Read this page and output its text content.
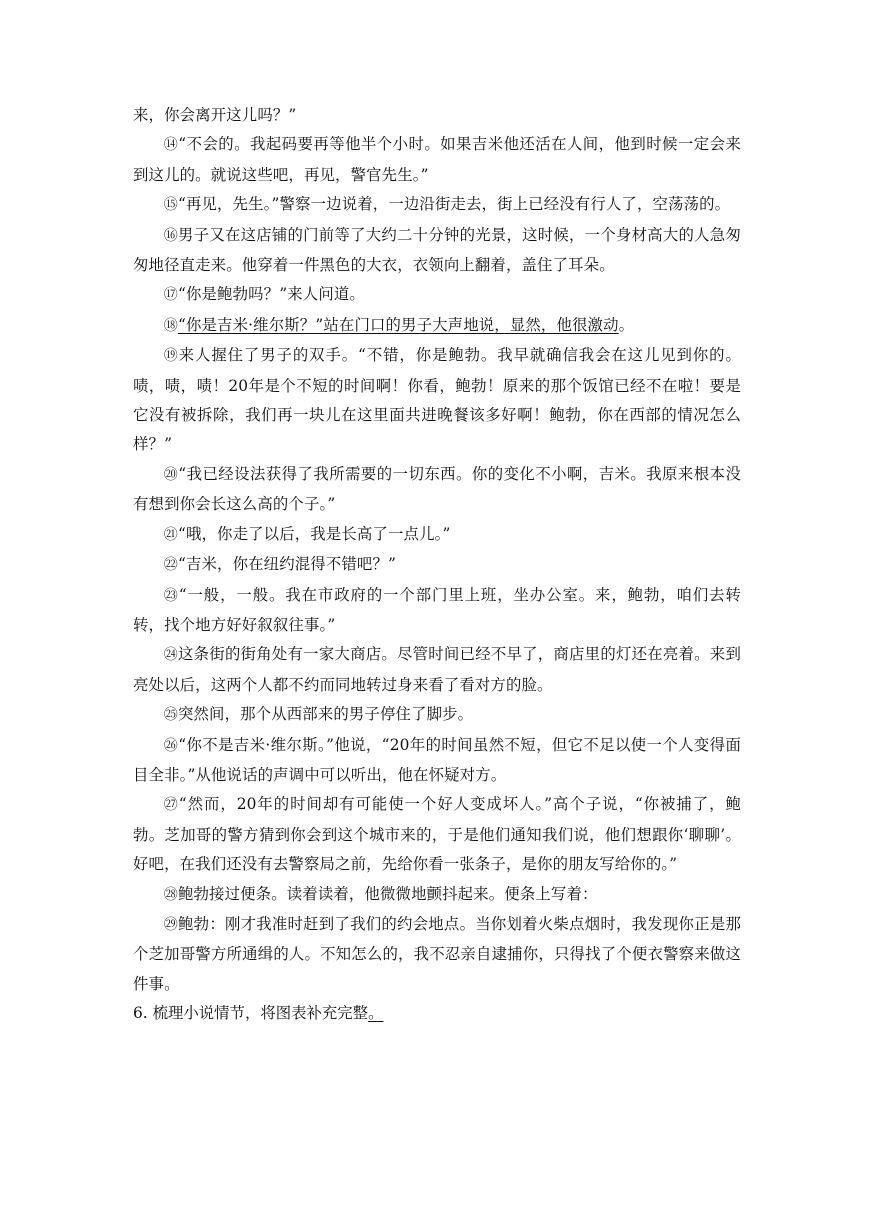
来，你会离开这儿吗？”

⑭“不会的。我起码要再等他半个小时。如果吉米他还活在人间，他到时候一定会来到这儿的。就说这些吧，再见，警官先生。”

⑮“再见，先生。”警察一边说着，一边沿街走去，街上已经没有行人了，空荡荡的。

⑯男子又在这店铺的门前等了大约二十分钟的光景，这时候，一个身材高大的人急匆匆地径直走来。他穿着一件黑色的大衣，衣领向上翻着，盖住了耳朵。

⑰“你是鲍勃吗？”来人问道。

⑱“你是吉米·维尔斯？”站在门口的男子大声地说，显然，他很激动。

⑲来人握住了男子的双手。“不错，你是鲍勃。我早就确信我会在这儿见到你的。啧，啧，啧！20年是个不短的时间啊！你看，鲍勃！原来的那个饭馆已经不在啦！要是它没有被拆除，我们再一块儿在这里面共进晚餐该多好啊！鲍勃，你在西部的情况怎么样？”

⑳“我已经设法获得了我所需要的一切东西。你的变化不小啊，吉米。我原来根本没有想到你会长这么高的个子。”

㉑“哦，你走了以后，我是长高了一点儿。”

㉒“吉米，你在纽约混得不错吧？”

㉓“一般，一般。我在市政府的一个部门里上班，坐办公室。来，鲍勃，咱们去转转，找个地方好好叙叙往事。”

㉔这条街的街角处有一家大商店。尽管时间已经不早了，商店里的灯还在亮着。来到亮处以后，这两个人都不约而同地转过身来看了看对方的脸。

㉕突然间，那个从西部来的男子停住了脚步。

㉖“你不是吉米·维尔斯。”他说，“20年的时间虽然不短，但它不足以使一个人变得面目全非。”从他说话的声调中可以听出，他在怀疑对方。

㉗“然而，20年的时间却有可能使一个好人变成坏人。”高个子说，“你被捕了，鲍勃。芝加哥的警方猜到你会到这个城市来的，于是他们通知我们说，他们想跟你‘聊聊’。好吧，在我们还没有去警察局之前，先给你看一张条子，是你的朋友写给你的。”

㉘鲍勃接过便条。读着读着，他微微地颤抖起来。便条上写着：

㉙鲍勃：刚才我准时赶到了我们的约会地点。当你划着火柴点烟时，我发现你正是那个芝加哥警方所通缉的人。不知怎么的，我不忍亲自逮捕你，只得找了个便衣警察来做这件事。

6. 梳理小说情节，将图表补充完整。
